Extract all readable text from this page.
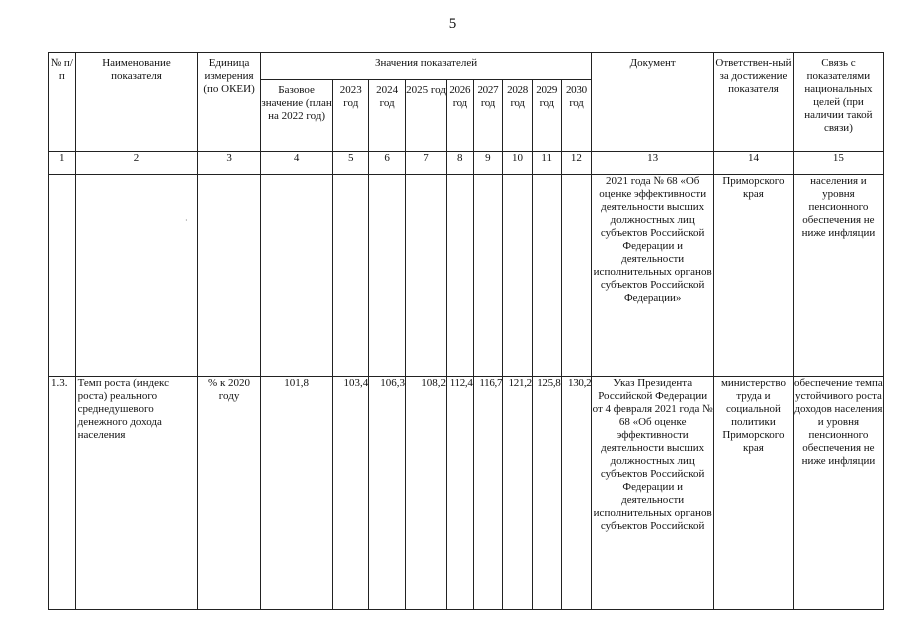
5
№ п/п	Наименование показателя	Единица измерения (по ОКЕИ)	Значения показателей									Документ	Ответствен-ный за достижение показателя	Связь с показателями национальных целей (при наличии такой связи)
			Базовое значение (план на 2022 год)	2023 год	2024 год	2025 год	2026 год	2027 год	2028 год	2029 год	2030 год			
1	2	3	4	5	6	7	8	9	10	11	12	13	14	15
												2021 года № 68 «Об оценке эффективности деятельности высших должностных лиц субъектов Российской Федерации и деятельности исполнительных органов субъектов Российской Федерации»	Приморского края	населения и уровня пенсионного обеспечения не ниже инфляции
1.3.	Темп роста (индекс роста) реального среднедушевого денежного дохода населения	% к 2020 году	101,8	103,4	106,3	108,2	112,4	116,7	121,2	125,8	130,2	Указ Президента Российской Федерации от 4 февраля 2021 года № 68 «Об оценке эффективности деятельности высших должностных лиц субъектов Российской Федерации и деятельности исполнительных органов субъектов Российской	министерство труда и социальной политики Приморского края	обеспечение темпа устойчивого роста доходов населения и уровня пенсионного обеспечения не ниже инфляции
·
